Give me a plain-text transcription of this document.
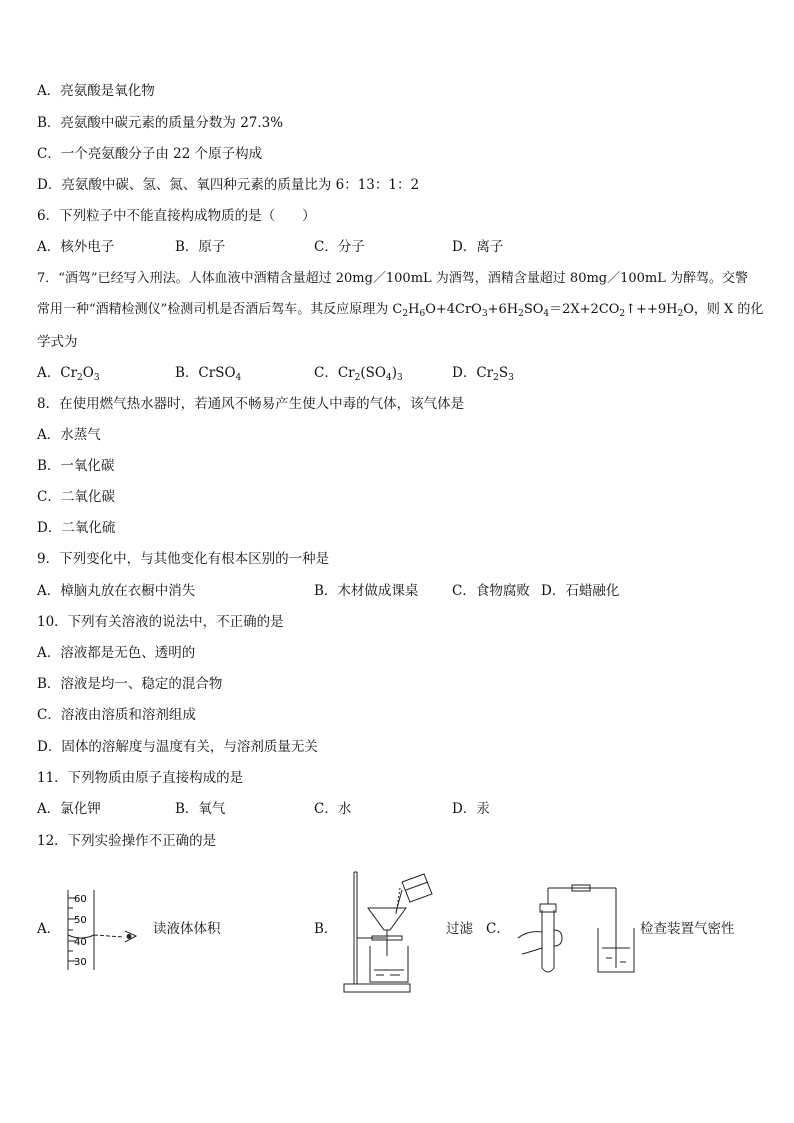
A．亮氨酸是氧化物
B．亮氨酸中碳元素的质量分数为 27.3%
C．一个亮氨酸分子由 22 个原子构成
D．亮氨酸中碳、氢、氮、氧四种元素的质量比为 6：13：1：2
6．下列粒子中不能直接构成物质的是（　　）
A．核外电子	B．原子	C．分子	D．离子
7．“酒驾”已经写入刑法。人体血液中酒精含量超过 20mg／100mL 为酒驾，酒精含量超过 80mg／100mL 为醉驾。交警
常用一种“酒精检测仪”检测司机是否酒后驾车。其反应原理为 $C_2H_6O+4CrO_3+6H_2SO_4=2X+2CO_2↑++9H_2O$，则 X 的化
学式为
A．$Cr_2O_3$	B．CrSO$_4$	C．$Cr_2(SO_4)_3$	D．$Cr_2S_3$
8．在使用燃气热水器时，若通风不畅易产生使人中毒的气体，该气体是
A．水蒸气
B．一氧化碳
C．二氧化碳
D．二氧化硫
9．下列变化中，与其他变化有根本区别的一种是
A．樟脑丸放在衣橱中消失	B．木材做成课桌 C．食物腐败 D．石蜡融化
10．下列有关溶液的说法中，不正确的是
A．溶液都是无色、透明的
B．溶液是均一、稳定的混合物
C．溶液由溶质和溶剂组成
D．固体的溶解度与温度有关，与溶剂质量无关
11．下列物质由原子直接构成的是
A．氯化钾	B．氧气	C．水	D．汞
12．下列实验操作不正确的是
A．
60
50
40
30
读液体体积	B．	过滤 C．	检查装置气密性
